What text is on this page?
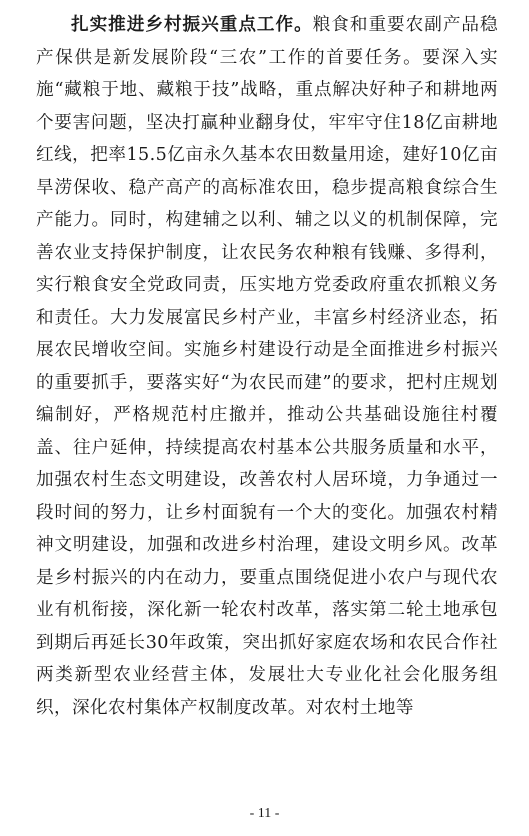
扎实推进乡村振兴重点工作。粮食和重要农副产品稳产保供是新发展阶段“三农”工作的首要任务。要深入实施“藏粮于地、藏粮于技”战略，重点解决好种子和耕地两个要害问题，坚决打赢种业翻身仗，牢牢守住18亿亩耕地红线，把率15.5亿亩永久基本农田数量用途，建好10亿亩旱涝保收、稳产高产的高标准农田，稳步提高粮食综合生产能力。同时，构建辅之以利、辅之以义的机制保障，完善农业支持保护制度，让农民务农种粮有钱赚、多得利，实行粮食安全党政同责，压实地方党委政府重农抓粮义务和责任。大力发展富民乡村产业，丰富乡村经济业态，拓展农民增收空间。实施乡村建设行动是全面推进乡村振兴的重要抓手，要落实好“为农民而建”的要求，把村庄规划编制好，严格规范村庄撤并，推动公共基础设施往村覆盖、往户延伸，持续提高农村基本公共服务质量和水平，加强农村生态文明建设，改善农村人居环境，力争通过一段时间的努力，让乡村面貌有一个大的变化。加强农村精神文明建设，加强和改进乡村治理，建设文明乡风。改革是乡村振兴的内在动力，要重点围绕促进小农户与现代农业有机衔接，深化新一轮农村改革，落实第二轮土地承包到期后再延长30年政策，突出抓好家庭农场和农民合作社两类新型农业经营主体，发展壮大专业化社会化服务组织，深化农村集体产权制度改革。对农村土地等

- 11 -
